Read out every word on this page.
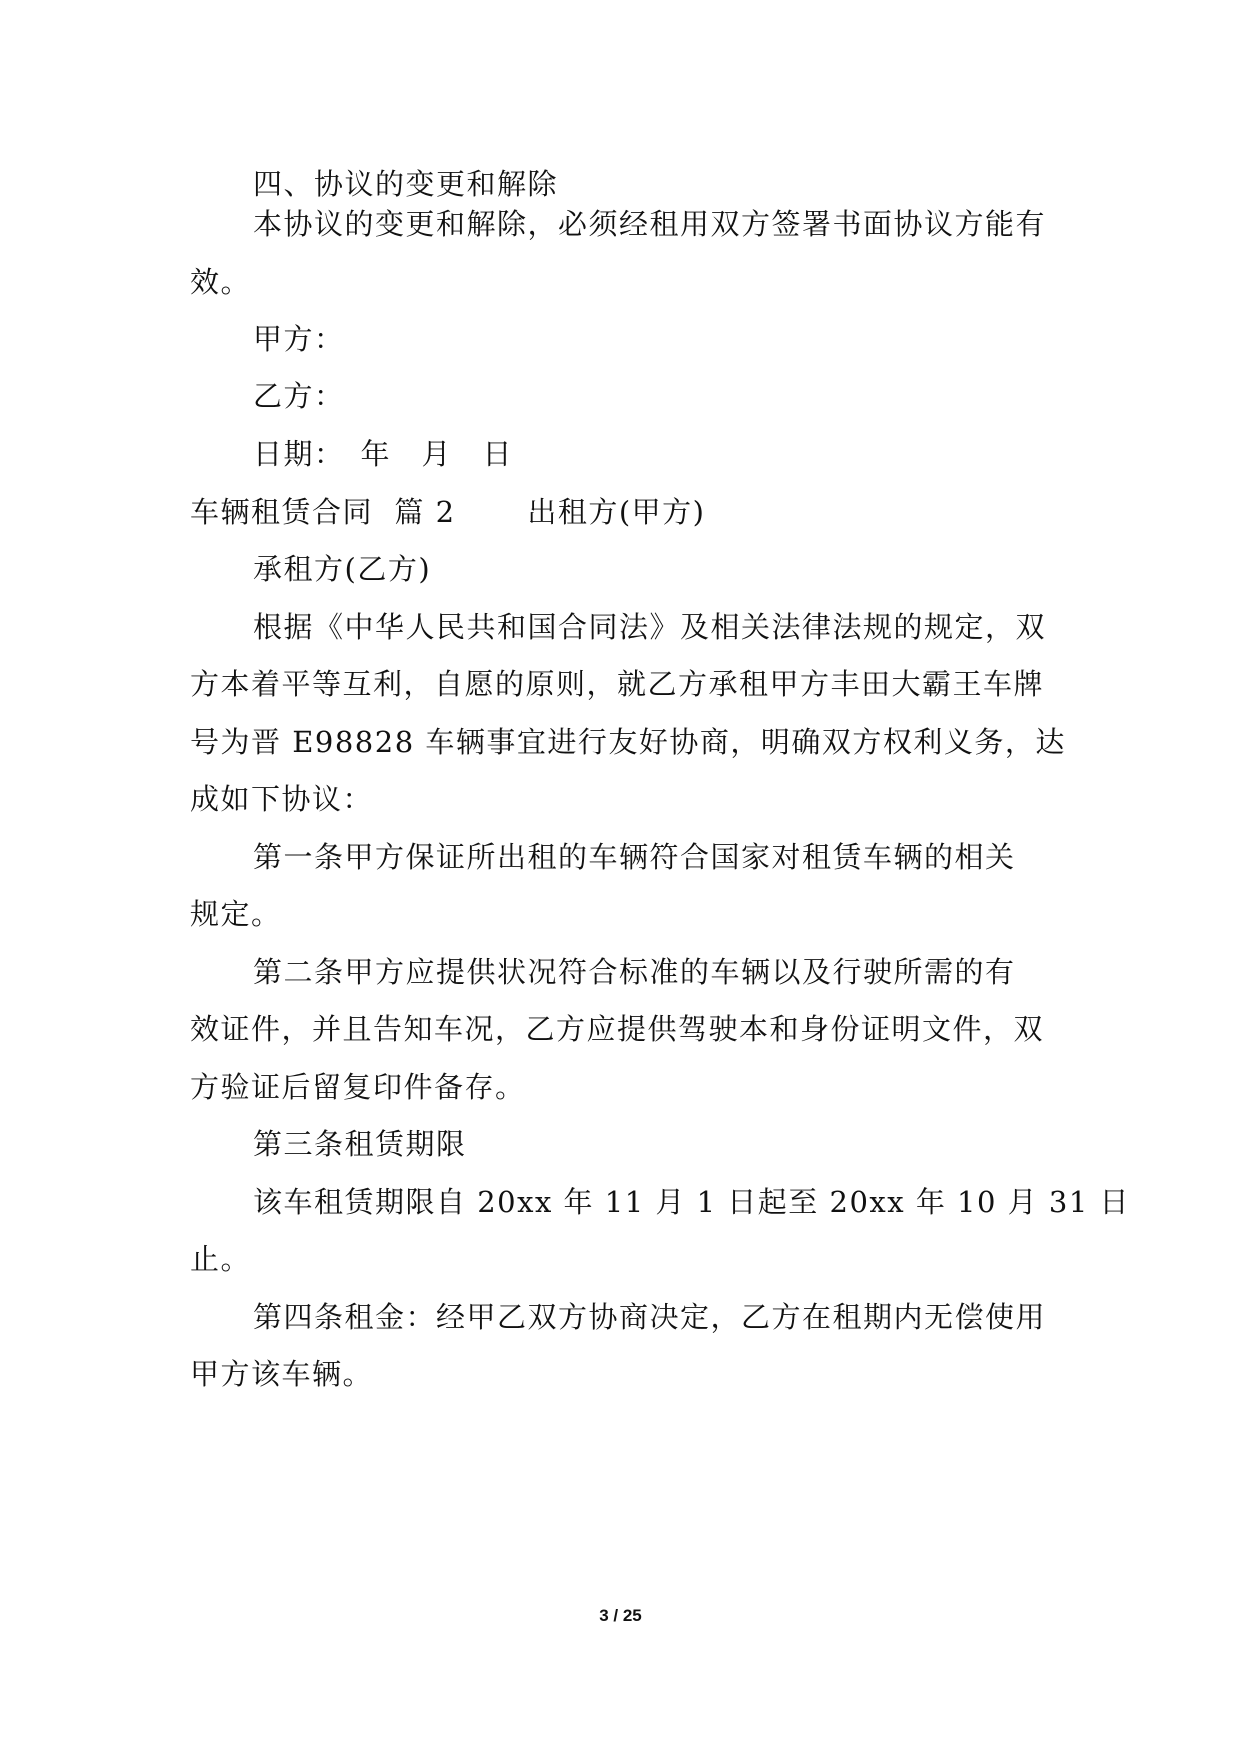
四、协议的变更和解除
本协议的变更和解除，必须经租用双方签署书面协议方能有
效。
甲方：
乙方：
日期：　年　月　日
车辆租赁合同  篇 2　　 出租方(甲方)
承租方(乙方)
根据《中华人民共和国合同法》及相关法律法规的规定，双
方本着平等互利，自愿的原则，就乙方承租甲方丰田大霸王车牌
号为晋 E98828 车辆事宜进行友好协商，明确双方权利义务，达
成如下协议：
第一条甲方保证所出租的车辆符合国家对租赁车辆的相关
规定。
第二条甲方应提供状况符合标准的车辆以及行驶所需的有
效证件，并且告知车况，乙方应提供驾驶本和身份证明文件，双
方验证后留复印件备存。
第三条租赁期限
该车租赁期限自 20xx 年 11 月 1 日起至 20xx 年 10 月 31 日
止。
第四条租金：经甲乙双方协商决定，乙方在租期内无偿使用
甲方该车辆。
3 / 25
